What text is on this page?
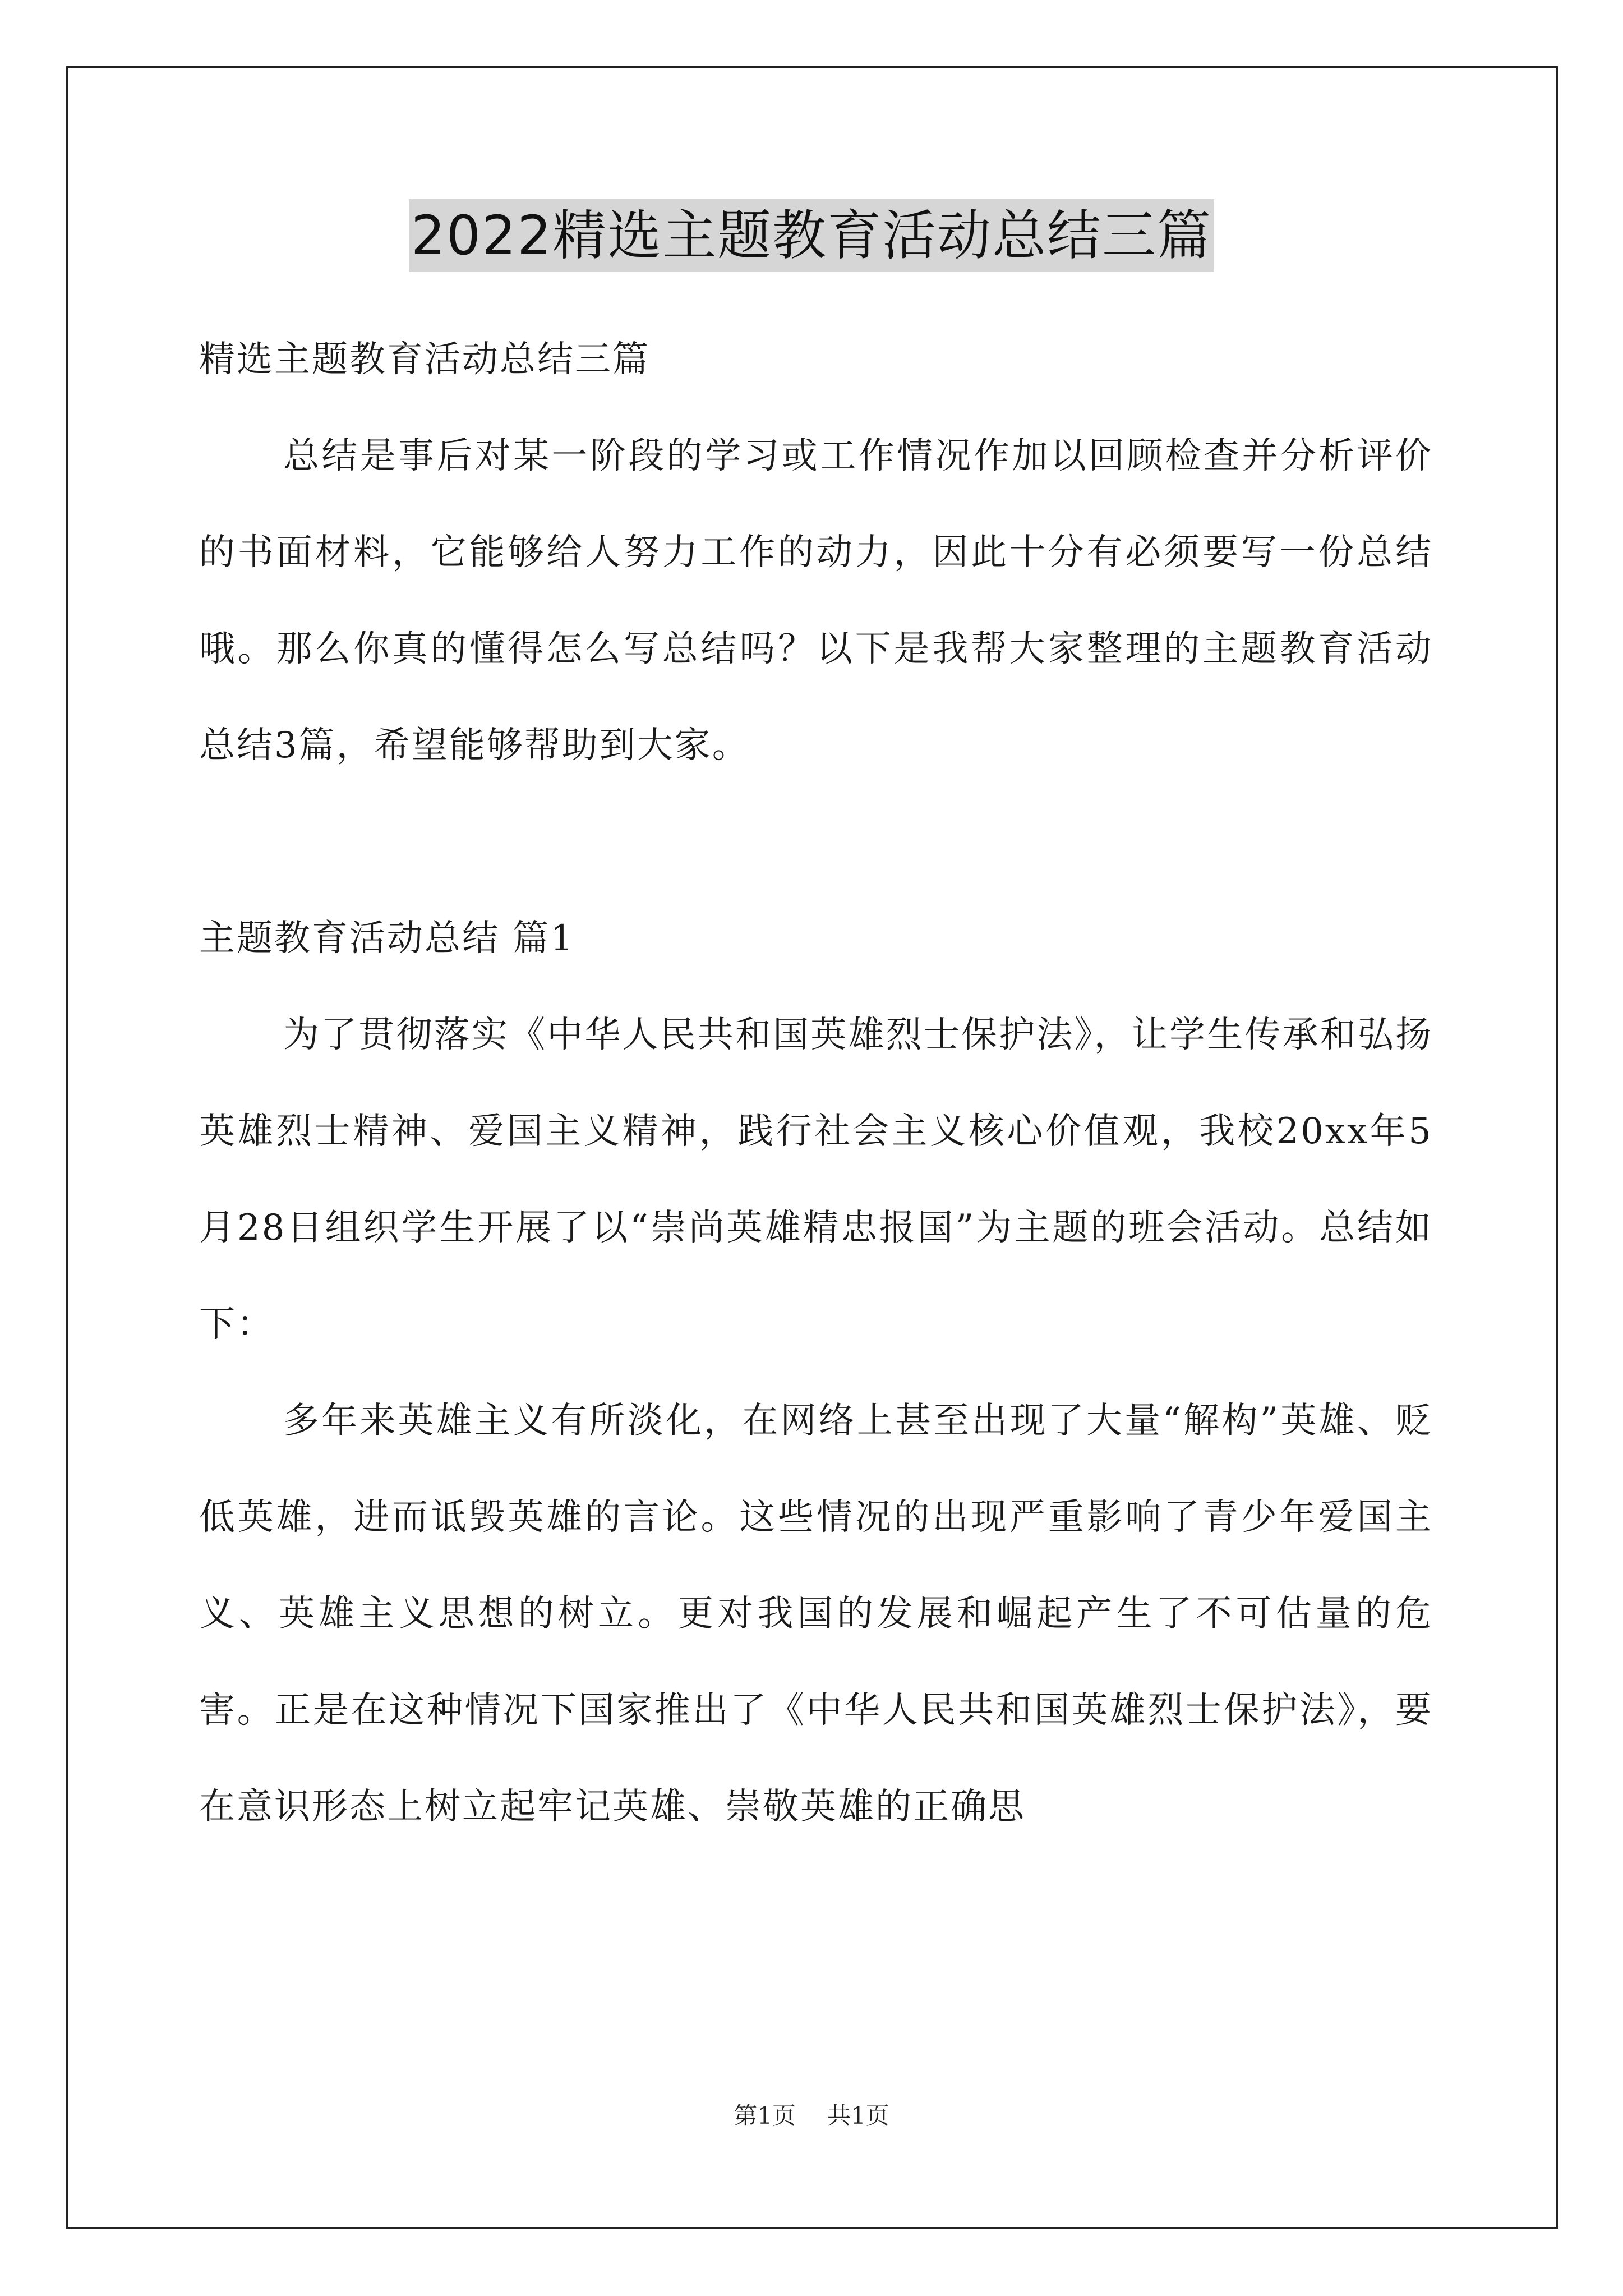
2022精选主题教育活动总结三篇

精选主题教育活动总结三篇

总结是事后对某一阶段的学习或工作情况作加以回顾检查并分析评价的书面材料，它能够给人努力工作的动力，因此十分有必须要写一份总结哦。那么你真的懂得怎么写总结吗？以下是我帮大家整理的主题教育活动总结3篇，希望能够帮助到大家。

主题教育活动总结 篇1

为了贯彻落实《中华人民共和国英雄烈士保护法》，让学生传承和弘扬英雄烈士精神、爱国主义精神，践行社会主义核心价值观，我校20xx年5月28日组织学生开展了以“崇尚英雄精忠报国”为主题的班会活动。总结如下：

多年来英雄主义有所淡化，在网络上甚至出现了大量“解构”英雄、贬低英雄，进而诋毁英雄的言论。这些情况的出现严重影响了青少年爱国主义、英雄主义思想的树立。更对我国的发展和崛起产生了不可估量的危害。正是在这种情况下国家推出了《中华人民共和国英雄烈士保护法》，要在意识形态上树立起牢记英雄、崇敬英雄的正确思

第1页 共1页
